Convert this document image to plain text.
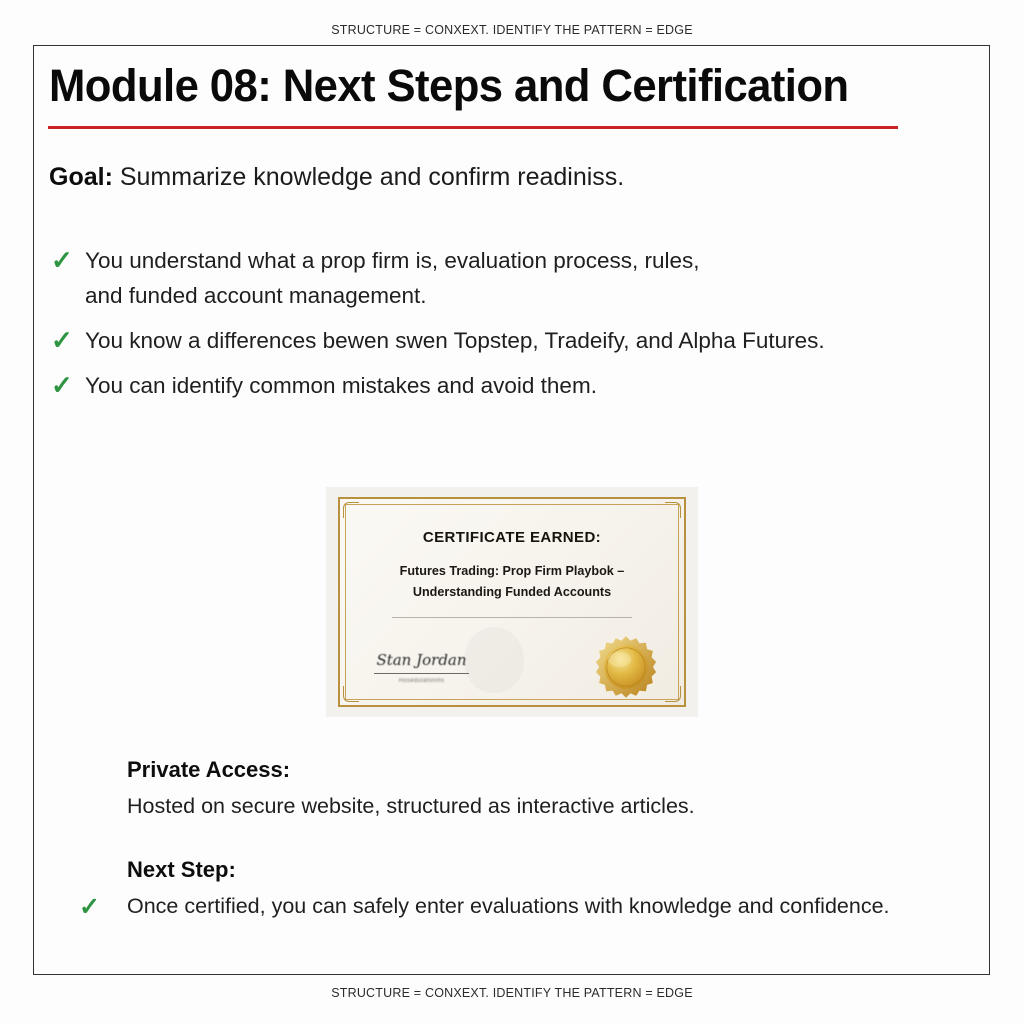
STRUCTURE = CONXEXT. IDENTIFY THE PATTERN = EDGE
Module 08: Next Steps and Certification
Goal: Summarize knowledge and confirm readiniss.
✓ You understand what a prop firm is, evaluation process, rules,
and funded account management.
✓ You know a differences bewen swen Topstep, Tradeify, and Alpha Futures.
✓ You can identify common mistakes and avoid them.
CERTIFICATE EARNED:
Futures Trading: Prop Firm Playbok –
Understanding Funded Accounts
Stan Jordan
Hosedulafonms
Private Access:
Hosted on secure website, structured as interactive articles.
Next Step:
✓	Once certified, you can safely enter evaluations with knowledge and confidence.
STRUCTURE = CONXEXT. IDENTIFY THE PATTERN = EDGE
